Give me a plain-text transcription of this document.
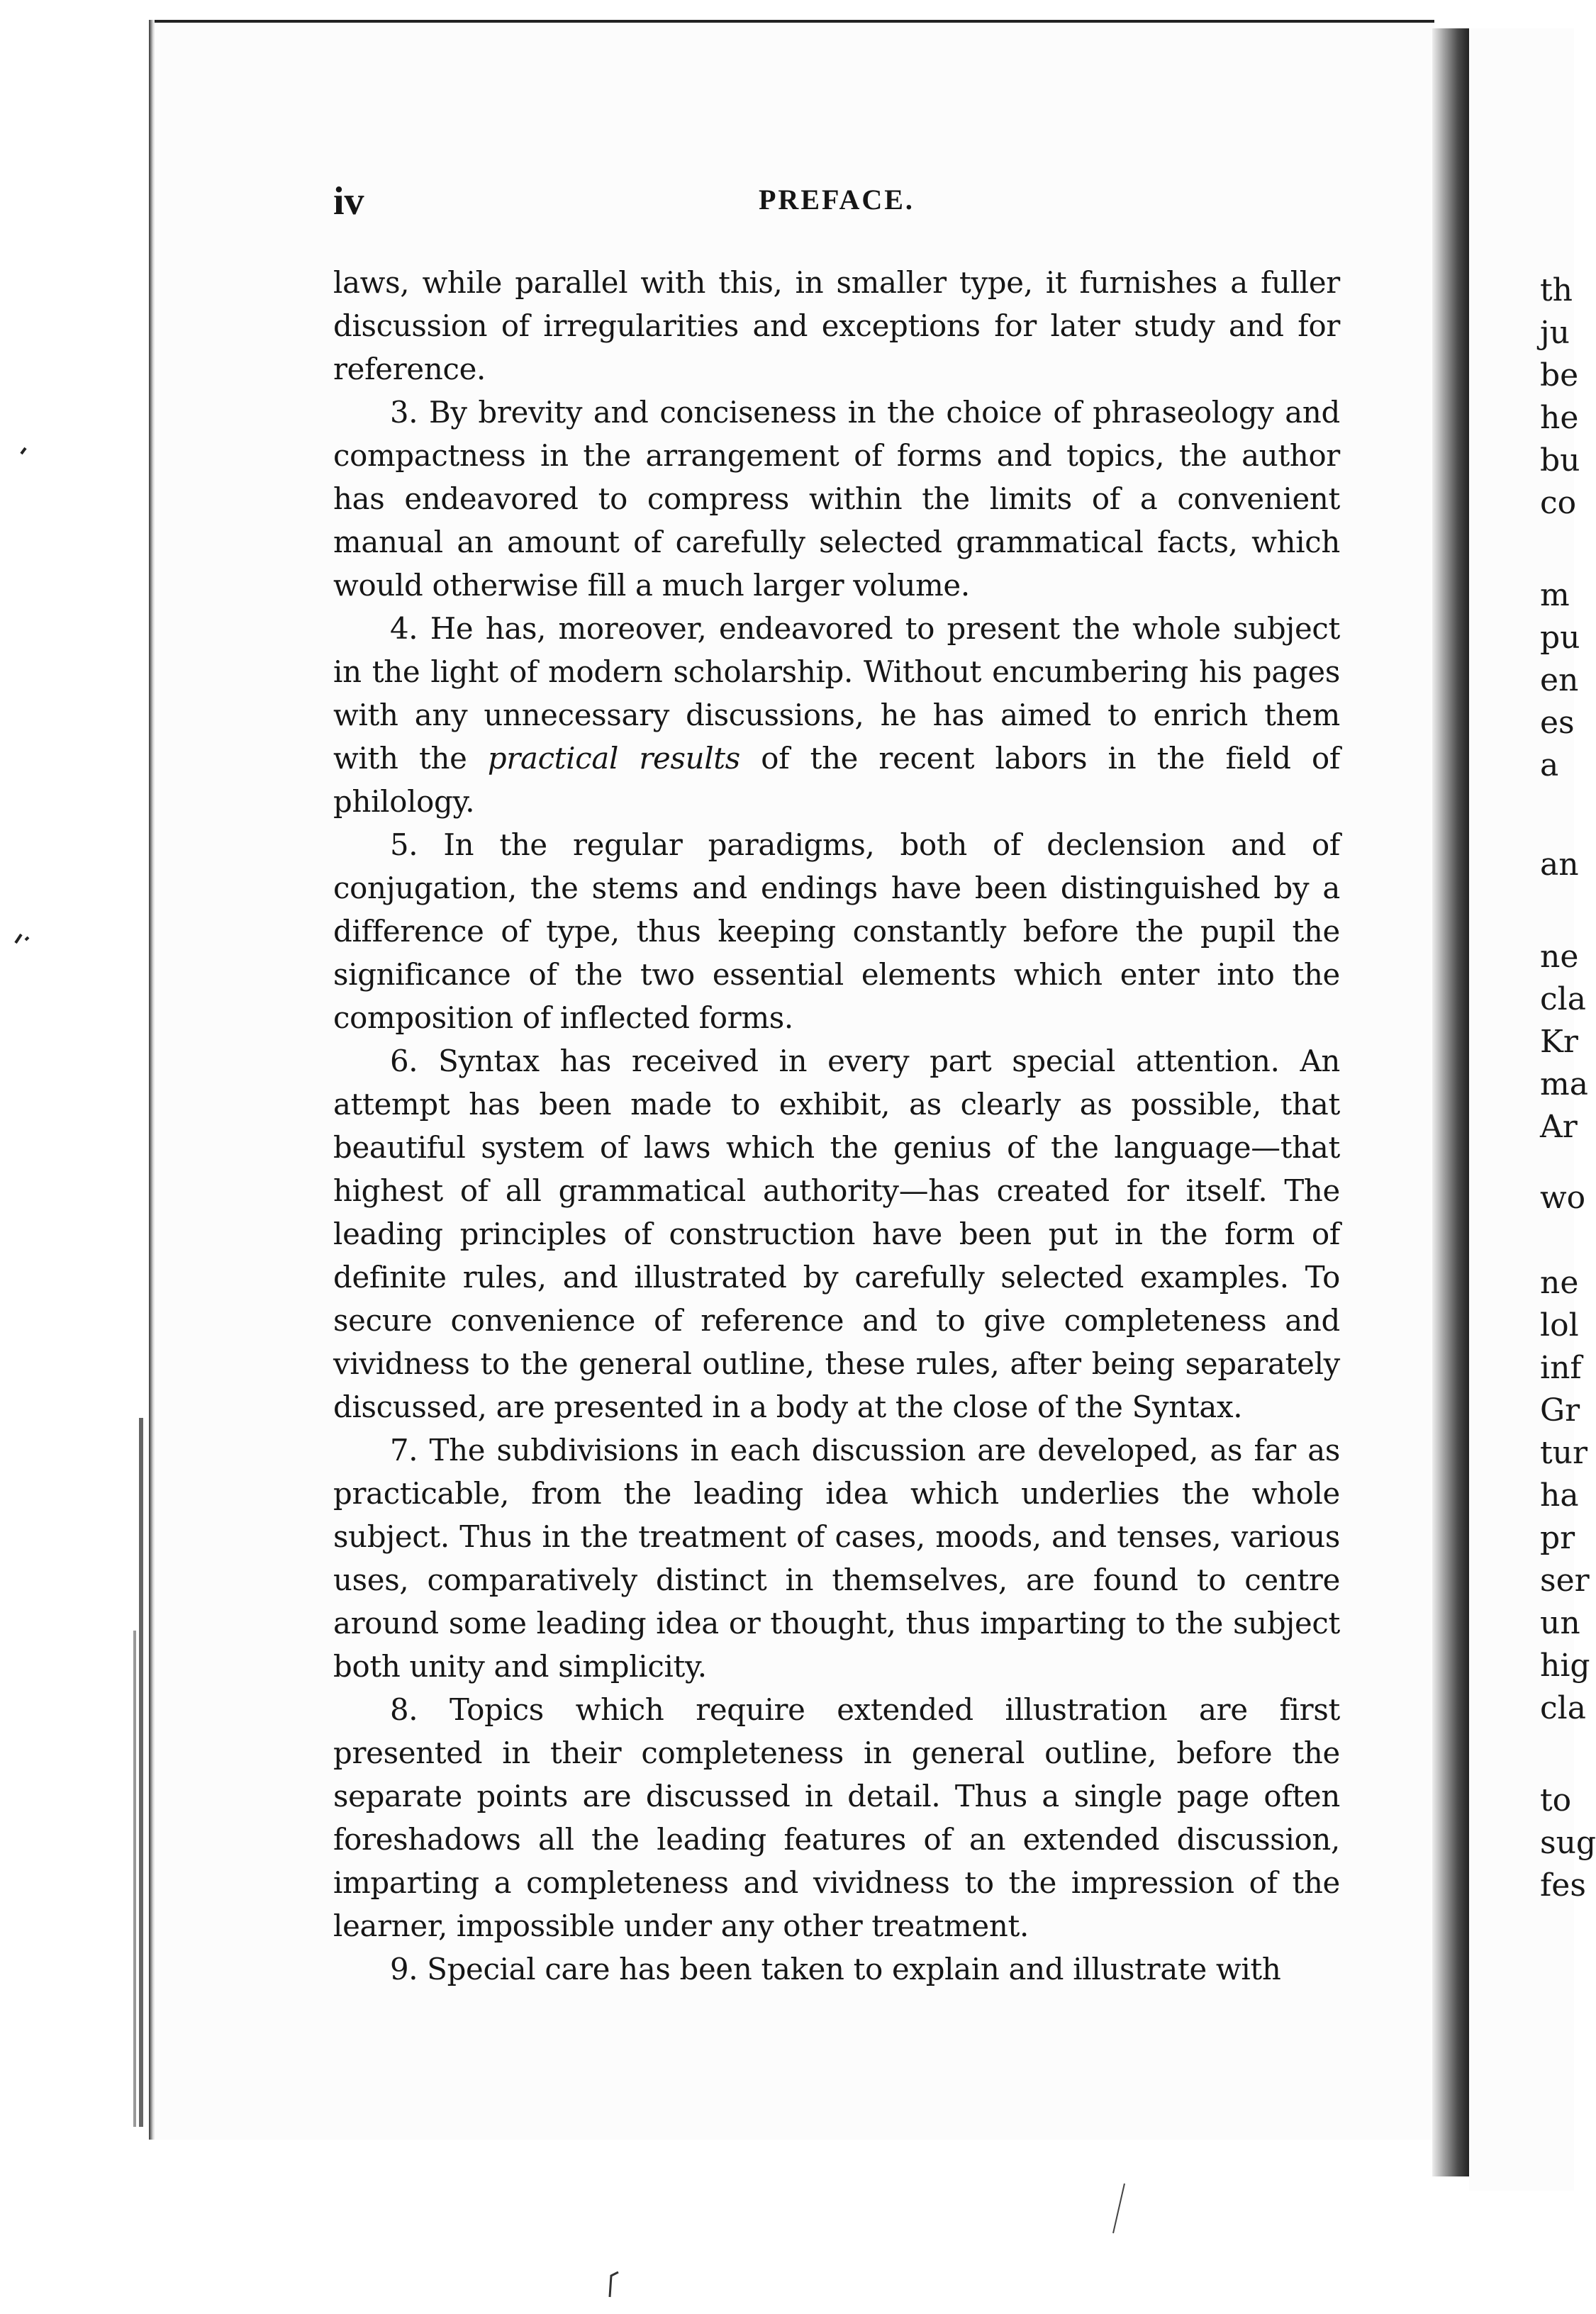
th
ju
be
he
bu
co
m
pu
en
es
a
an
ne
cla
Kr
ma
Ar
wo
ne
lol
inf
Gr
tur
ha
pr
ser
un
hig
cla
to
sug
fes
iv	PREFACE.

laws, while parallel with this, in smaller type, it furnishes a fuller discussion of irregularities and exceptions for later study and for reference.

3. By brevity and conciseness in the choice of phraseology and compactness in the arrangement of forms and topics, the author has endeavored to compress within the limits of a convenient manual an amount of carefully selected grammatical facts, which would otherwise fill a much larger volume.

4. He has, moreover, endeavored to present the whole subject in the light of modern scholarship. Without encumbering his pages with any unnecessary discussions, he has aimed to enrich them with the practical results of the recent labors in the field of philology.

5. In the regular paradigms, both of declension and of conjugation, the stems and endings have been distinguished by a difference of type, thus keeping constantly before the pupil the significance of the two essential elements which enter into the composition of inflected forms.

6. Syntax has received in every part special attention. An attempt has been made to exhibit, as clearly as possible, that beautiful system of laws which the genius of the language—that highest of all grammatical authority—has created for itself. The leading principles of construction have been put in the form of definite rules, and illustrated by carefully selected examples. To secure convenience of reference and to give completeness and vividness to the general outline, these rules, after being separately discussed, are presented in a body at the close of the Syntax.

7. The subdivisions in each discussion are developed, as far as practicable, from the leading idea which underlies the whole subject. Thus in the treatment of cases, moods, and tenses, various uses, comparatively distinct in themselves, are found to centre around some leading idea or thought, thus imparting to the subject both unity and simplicity.

8. Topics which require extended illustration are first presented in their completeness in general outline, before the separate points are discussed in detail. Thus a single page often foreshadows all the leading features of an extended discussion, imparting a completeness and vividness to the impression of the learner, impossible under any other treatment.

9. Special care has been taken to explain and illustrate with
